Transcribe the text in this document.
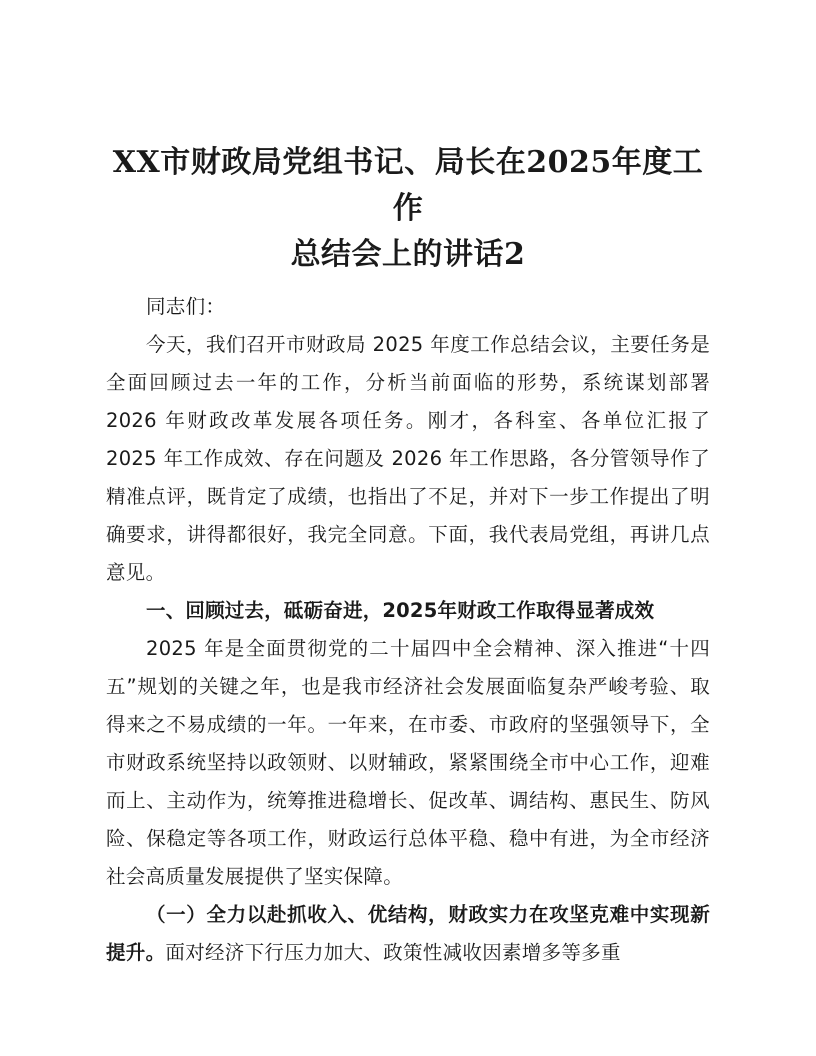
XX市财政局党组书记、局长在2025年度工作
总结会上的讲话2

同志们：

今天，我们召开市财政局 2025 年度工作总结会议，主要任务是全面回顾过去一年的工作，分析当前面临的形势，系统谋划部署 2026 年财政改革发展各项任务。刚才，各科室、各单位汇报了 2025 年工作成效、存在问题及 2026 年工作思路，各分管领导作了精准点评，既肯定了成绩，也指出了不足，并对下一步工作提出了明确要求，讲得都很好，我完全同意。下面，我代表局党组，再讲几点意见。

一、回顾过去，砥砺奋进，2025年财政工作取得显著成效

2025 年是全面贯彻党的二十届四中全会精神、深入推进“十四五”规划的关键之年，也是我市经济社会发展面临复杂严峻考验、取得来之不易成绩的一年。一年来，在市委、市政府的坚强领导下，全市财政系统坚持以政领财、以财辅政，紧紧围绕全市中心工作，迎难而上、主动作为，统筹推进稳增长、促改革、调结构、惠民生、防风险、保稳定等各项工作，财政运行总体平稳、稳中有进，为全市经济社会高质量发展提供了坚实保障。

（一）全力以赴抓收入、优结构，财政实力在攻坚克难中实现新提升。面对经济下行压力加大、政策性减收因素增多等多重
